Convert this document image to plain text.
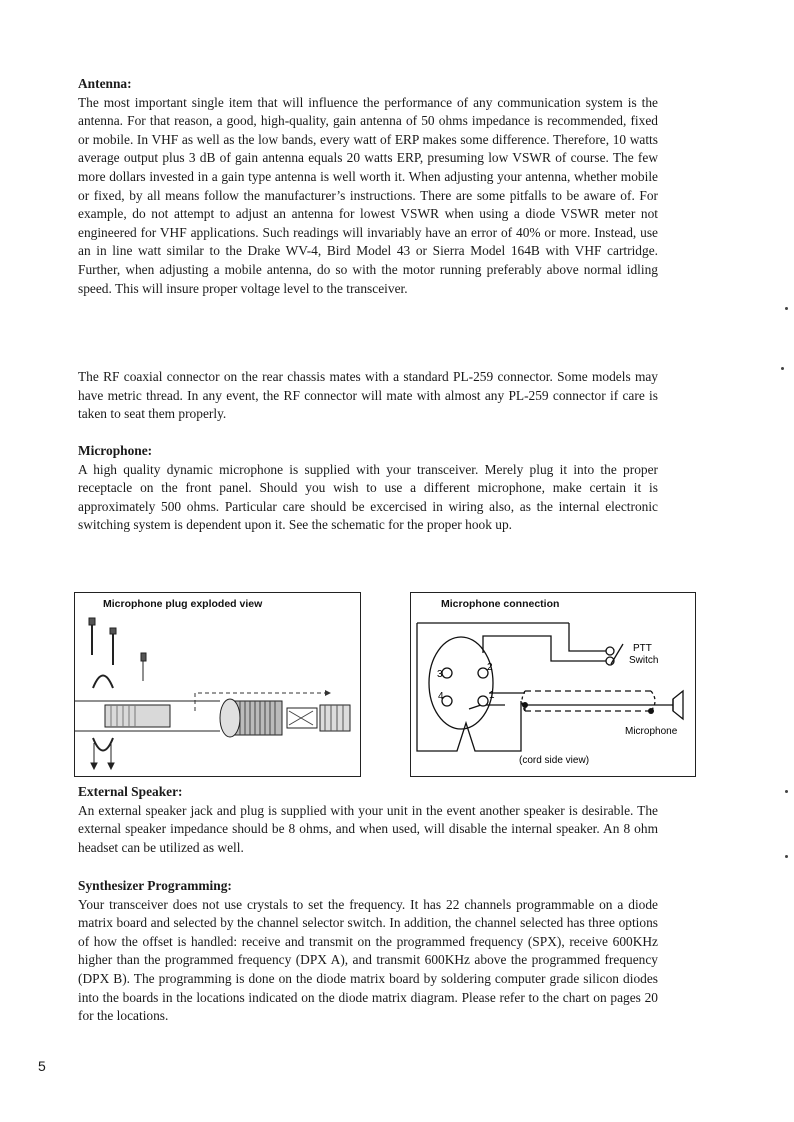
Antenna:

The most important single item that will influence the performance of any communication system is the antenna. For that reason, a good, high-quality, gain antenna of 50 ohms impedance is recommended, fixed or mobile. In VHF as well as the low bands, every watt of ERP makes some difference. Therefore, 10 watts average output plus 3 dB of gain antenna equals 20 watts ERP, presuming low VSWR of course. The few more dollars invested in a gain type antenna is well worth it. When adjusting your antenna, whether mobile or fixed, by all means follow the manufacturer’s instructions. There are some pitfalls to be aware of. For example, do not attempt to adjust an antenna for lowest VSWR when using a diode VSWR meter not engineered for VHF applications. Such readings will invariably have an error of 40% or more. Instead, use an in line watt similar to the Drake WV-4, Bird Model 43 or Sierra Model 164B with VHF cartridge. Further, when adjusting a mobile antenna, do so with the motor running preferably above normal idling speed. This will insure proper voltage level to the transceiver.

The RF coaxial connector on the rear chassis mates with a standard PL-259 connector. Some models may have metric thread. In any event, the RF connector will mate with almost any PL-259 connector if care is taken to seat them properly.

Microphone:

A high quality dynamic microphone is supplied with your transceiver. Merely plug it into the proper receptacle on the front panel. Should you wish to use a different microphone, make certain it is approximately 500 ohms. Particular care should be excercised in wiring also, as the internal electronic switching system is dependent upon it. See the schematic for the proper hook up.

Microphone plug exploded view	Microphone connection
3
2
4	1
PTT
Switch
Microphone
(cord side view)

External Speaker:

An external speaker jack and plug is supplied with your unit in the event another speaker is desirable. The external speaker impedance should be 8 ohms, and when used, will disable the internal speaker. An 8 ohm headset can be utilized as well.

Synthesizer Programming:

Your transceiver does not use crystals to set the frequency. It has 22 channels programmable on a diode matrix board and selected by the channel selector switch. In addition, the channel selected has three options of how the offset is handled: receive and transmit on the programmed frequency (SPX), receive 600KHz higher than the programmed frequency (DPX A), and transmit 600KHz above the programmed frequency (DPX B). The programming is done on the diode matrix board by soldering computer grade silicon diodes into the boards in the locations indicated on the diode matrix diagram. Please refer to the chart on pages 20 for the locations.

5
